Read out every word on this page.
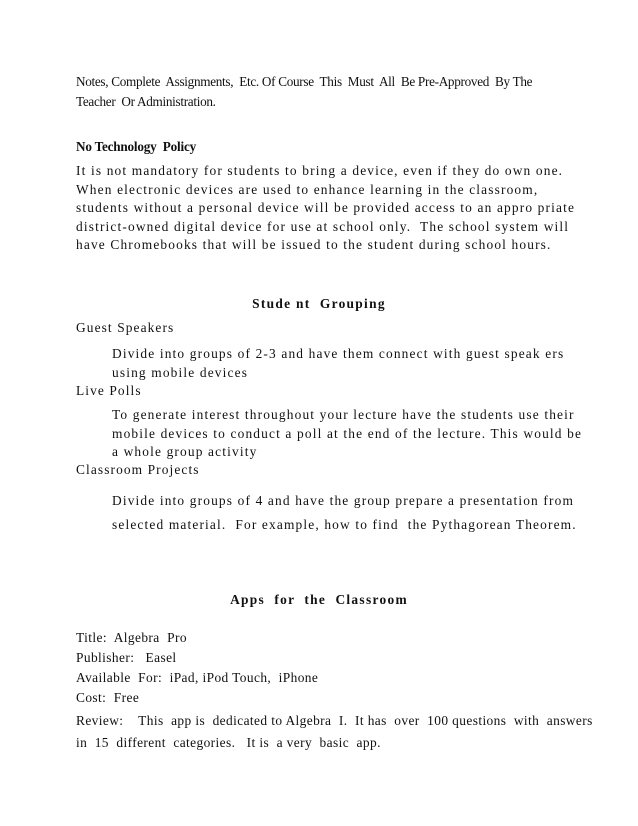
Notes, Complete  Assignments,  Etc. Of Course  This  Must  All  Be Pre-Approved  By The
Teacher  Or Administration.
No Technology  Policy
It is not mandatory for students to bring a device, even if they do own one.
When electronic devices are used to enhance learning in the classroom,
students without a personal device will be provided access to an appro priate
district-owned digital device for use at school only.  The school system will
have Chromebooks that will be issued to the student during school hours.
Stude nt  Grouping
Guest Speakers
Divide into groups of 2-3 and have them connect with guest speak ers
using mobile devices
Live Polls
To generate interest throughout your lecture have the students use their
mobile devices to conduct a poll at the end of the lecture. This would be
a whole group activity
Classroom Projects
Divide into groups of 4 and have the group prepare a presentation from
selected material.  For example, how to find  the Pythagorean Theorem.
Apps  for  the  Classroom
Title:  Algebra  Pro
Publisher:   Easel
Available  For:  iPad, iPod Touch,  iPhone
Cost:  Free
Review:    This  app is  dedicated to Algebra  I.  It has  over  100 questions  with  answers
in  15  different  categories.   It is  a very  basic  app.
